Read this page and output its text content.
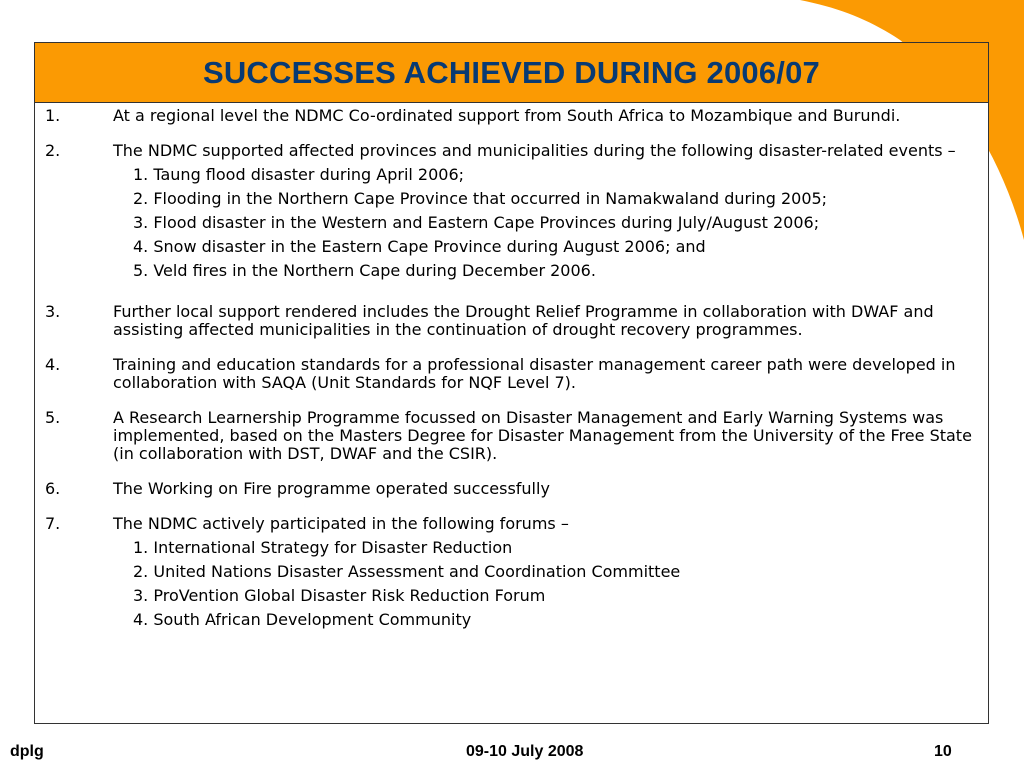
SUCCESSES ACHIEVED DURING 2006/07
1.	At a regional level the NDMC Co-ordinated support from South Africa to Mozambique and Burundi.
2.	The NDMC supported affected provinces and municipalities during the following disaster-related events –
1. Taung flood disaster during April 2006;
2. Flooding in the Northern Cape Province that occurred in Namakwaland during 2005;
3. Flood disaster in the Western and Eastern Cape Provinces during July/August 2006;
4. Snow disaster in the Eastern Cape Province during August 2006; and
5. Veld fires in the Northern Cape during December 2006.
3.	Further local support rendered includes the Drought Relief Programme in collaboration with DWAF and assisting affected municipalities in the continuation of drought recovery programmes.
4.	Training and education standards for a professional disaster management career path were developed in collaboration with SAQA (Unit Standards for NQF Level 7).
5.	A Research Learnership Programme focussed on Disaster Management and Early Warning Systems was implemented, based on the Masters Degree for Disaster Management from the University of the Free State (in collaboration with DST, DWAF and the CSIR).
6.	The Working on Fire programme operated successfully
7.	The NDMC actively participated in the following forums –
1. International Strategy for Disaster Reduction
2. United Nations Disaster Assessment and Coordination Committee
3. ProVention Global Disaster Risk Reduction Forum
4. South African Development Community
dplg	09-10 July 2008	10
